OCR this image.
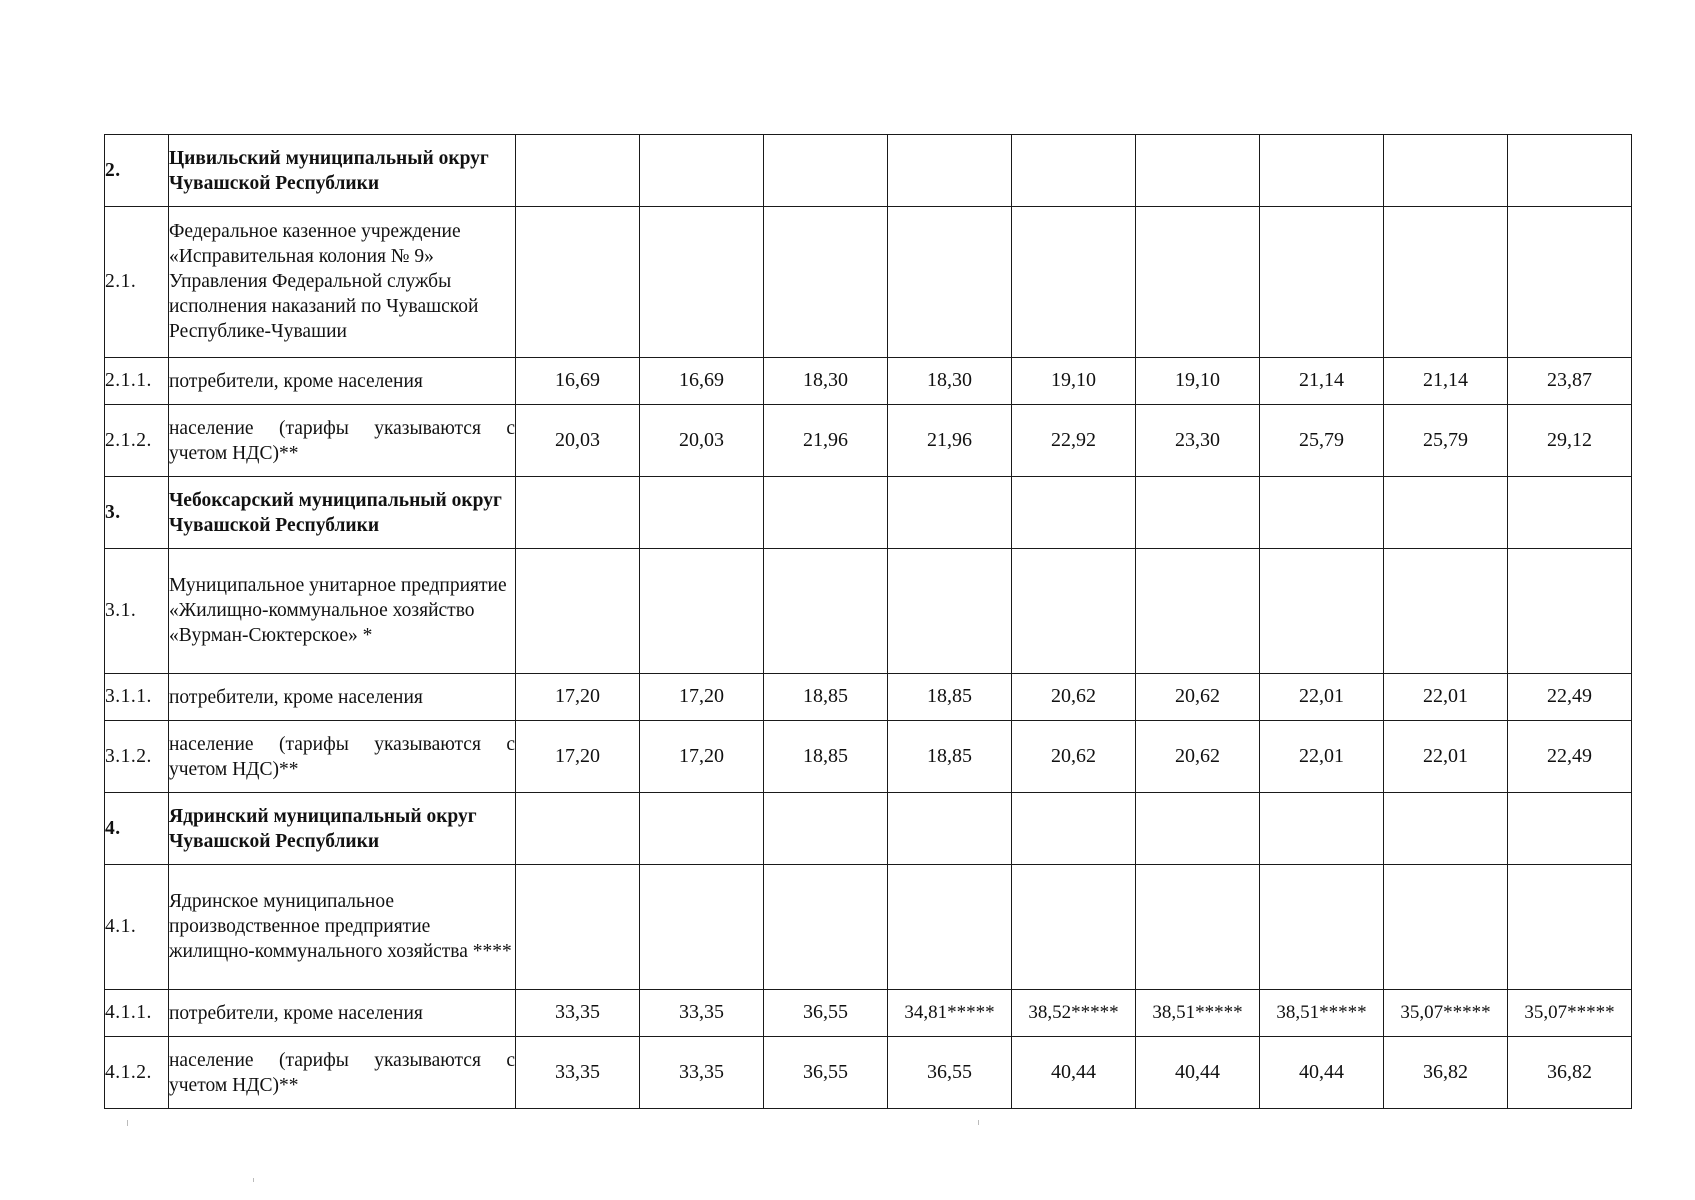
2.	Цивильский муниципальный округ Чувашской Республики									
2.1.	Федеральное казенное учреждение «Исправительная колония № 9» Управления Федеральной службы исполнения наказаний по Чувашской Республике-Чувашии									
2.1.1.	потребители, кроме населения	16,69	16,69	18,30	18,30	19,10	19,10	21,14	21,14	23,87
2.1.2.	население (тарифы указываются с учетом НДС)**	20,03	20,03	21,96	21,96	22,92	23,30	25,79	25,79	29,12
3.	Чебоксарский муниципальный округ Чувашской Республики									
3.1.	Муниципальное унитарное предприятие «Жилищно-коммунальное хозяйство «Вурман-Сюктерское» *									
3.1.1.	потребители, кроме населения	17,20	17,20	18,85	18,85	20,62	20,62	22,01	22,01	22,49
3.1.2.	население (тарифы указываются с учетом НДС)**	17,20	17,20	18,85	18,85	20,62	20,62	22,01	22,01	22,49
4.	Ядринский муниципальный округ Чувашской Республики									
4.1.	Ядринское муниципальное производственное предприятие жилищно-коммунального хозяйства ****									
4.1.1.	потребители, кроме населения	33,35	33,35	36,55	34,81*****	38,52*****	38,51*****	38,51*****	35,07*****	35,07*****
4.1.2.	население (тарифы указываются с учетом НДС)**	33,35	33,35	36,55	36,55	40,44	40,44	40,44	36,82	36,82
